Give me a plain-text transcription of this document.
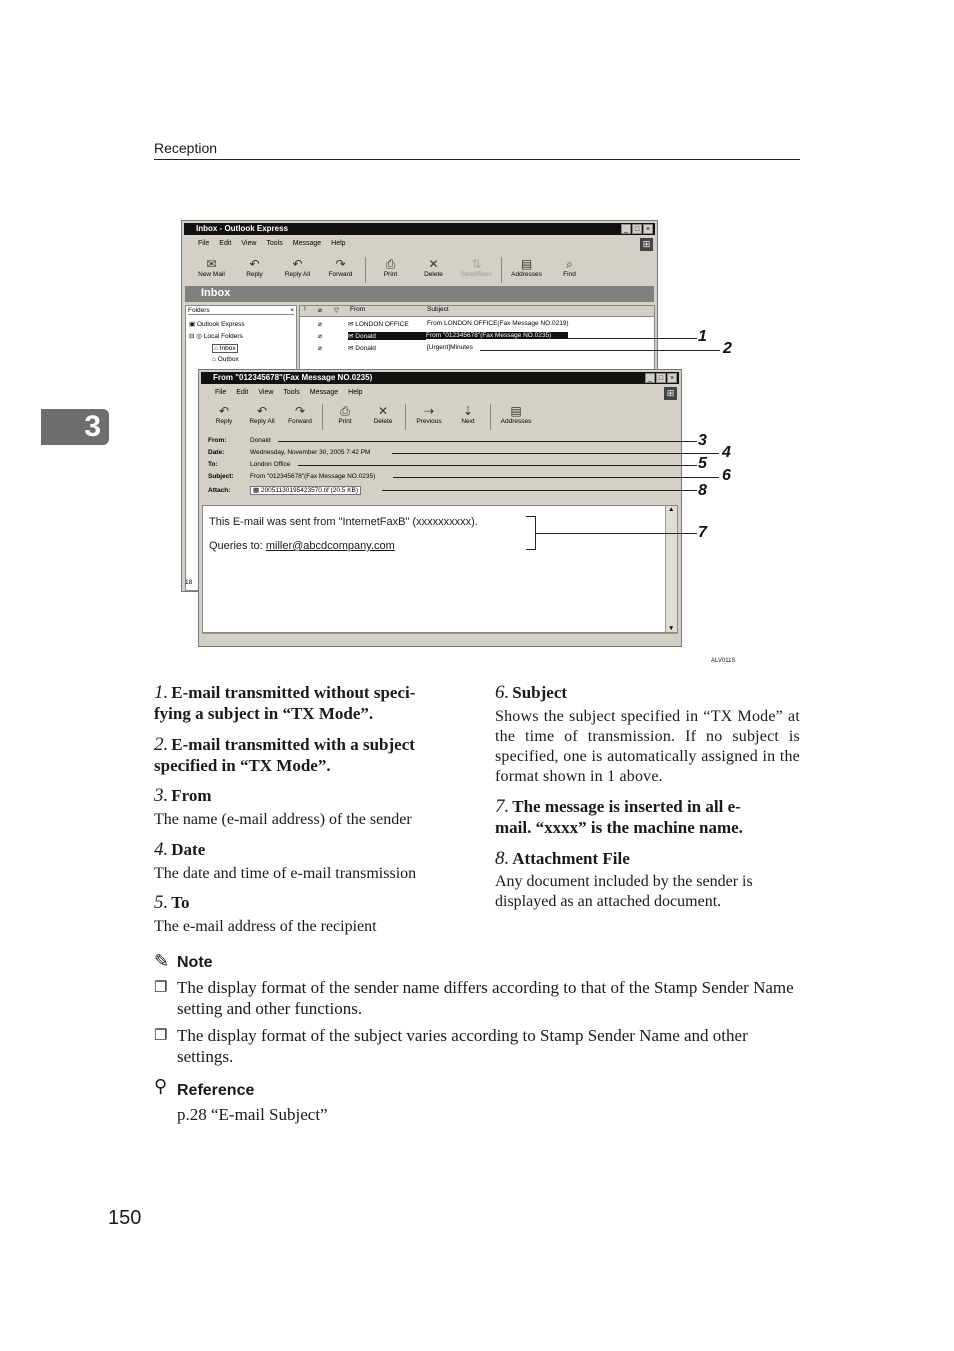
Reception
3
Inbox - Outlook Express	_ □ ×
File Edit View Tools Message Help	⊞
✉
New Mail
↶
Reply
↶
Reply All
↷
Forward
⎙
Print
✕
Delete
⇅
Send/Recv
▤
Addresses
⌕
Find
Inbox
Folders	×
▣ Outlook Express
⊟ ◎ Local Folders
⌂ Inbox
⌂ Outbox
18
! ⌀ ▽ From	Subject
⌀	✉ LONDON OFFICE	From LONDON OFFICE(Fax Message NO.0219)
⌀	✉ Donald	From "012345678"(Fax Message NO.0235)
⌀	✉ Donald	[Urgent]Minutes
From "012345678"(Fax Message NO.0235)	_ □ ×
File Edit View Tools Message Help	⊞
↶
Reply
↶
Reply All
↷
Forward
⎙
Print
✕
Delete
⇢
Previous
⇣
Next
▤
Addresses
From:	Donald
Date:	Wednesday, November 30, 2005 7:42 PM
To:	London Office
Subject:	From "012345678"(Fax Message NO.0235)
Attach:	▦ 20051130195423570.tif (20.5 KB)
This E-mail was sent from "InternetFaxB" (xxxxxxxxxx).
Queries to: miller@abcdcompany.com
▲
▼
1
2
3
4
5
6
8
7
ALV011S
1. E-mail transmitted without speci-
fying a subject in “TX Mode”.
2. E-mail transmitted with a subject
specified in “TX Mode”.
3. From
The name (e-mail address) of the sender
4. Date
The date and time of e-mail transmission
5. To
The e-mail address of the recipient
6. Subject
Shows the subject specified in “TX Mode” at the time of transmission. If no subject is specified, one is automatically assigned in the format shown in 1 above.
7. The message is inserted in all e-
mail. “xxxx” is the machine name.
8. Attachment File
Any document included by the sender is displayed as an attached document.
✎ Note
❐ The display format of the sender name differs according to that of the Stamp Sender Name setting and other functions.
❐ The display format of the subject varies according to Stamp Sender Name and other settings.
⚲ Reference
p.28 “E-mail Subject”
150
